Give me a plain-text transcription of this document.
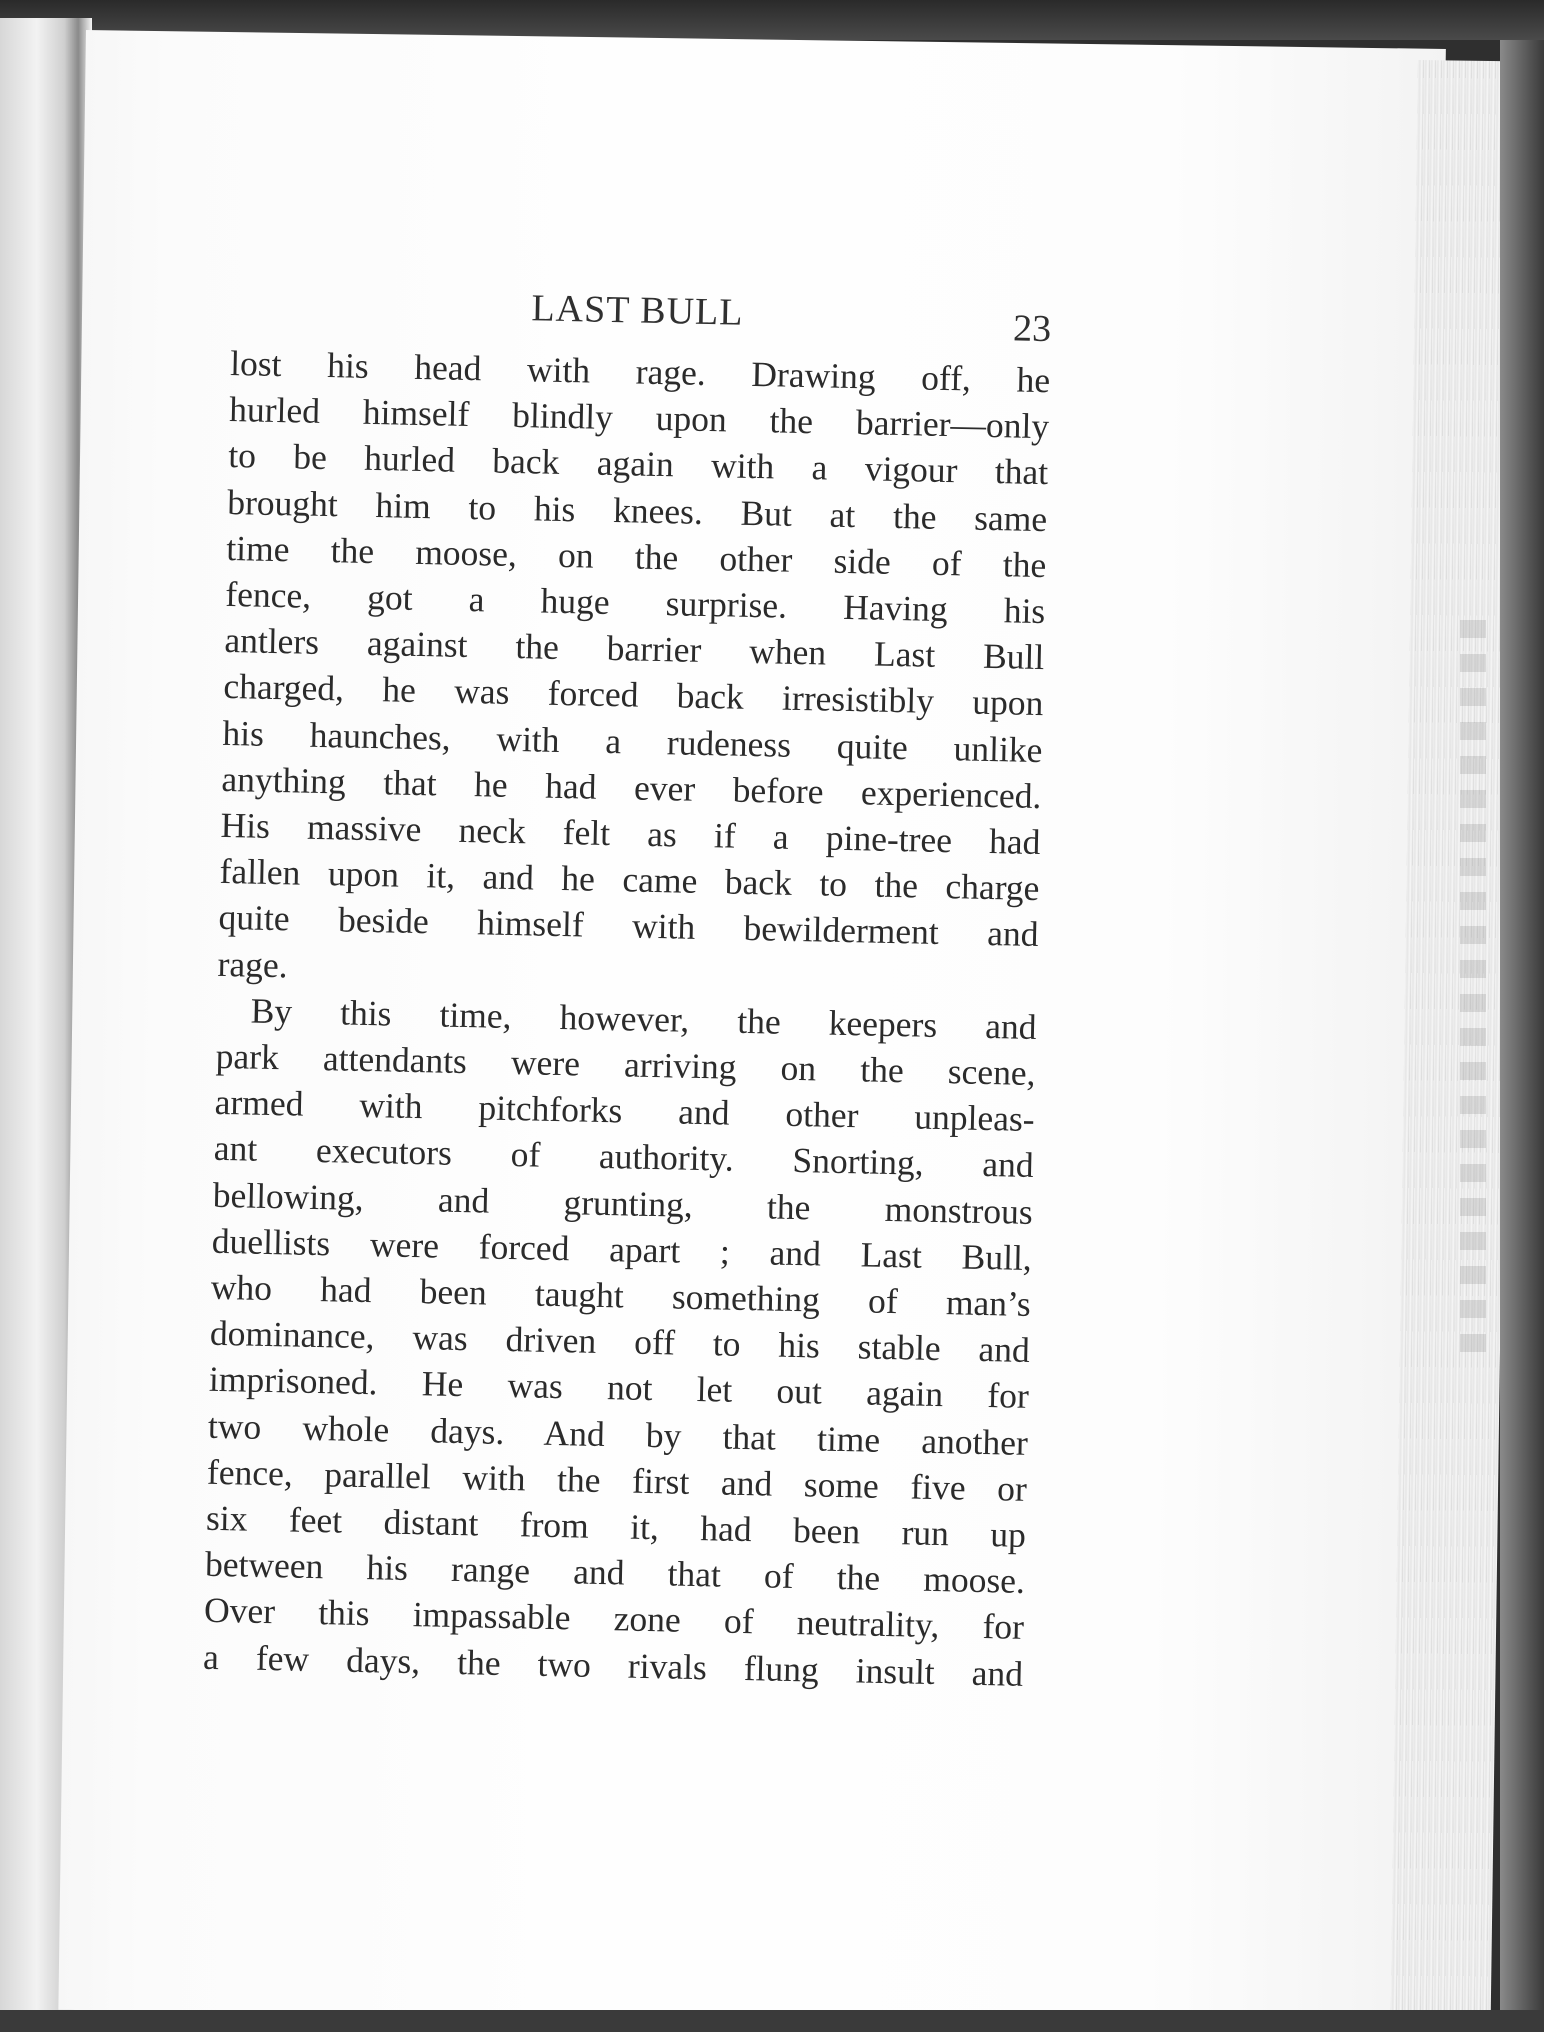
LAST BULL	23

lost his head with rage. Drawing off, he
hurled himself blindly upon the barrier—only
to be hurled back again with a vigour that
brought him to his knees. But at the same
time the moose, on the other side of the
fence, got a huge surprise. Having his
antlers against the barrier when Last Bull
charged, he was forced back irresistibly upon
his haunches, with a rudeness quite unlike
anything that he had ever before experienced.
His massive neck felt as if a pine-tree had
fallen upon it, and he came back to the charge
quite beside himself with bewilderment and
rage.

By this time, however, the keepers and
park attendants were arriving on the scene,
armed with pitchforks and other unpleas-
ant executors of authority. Snorting, and
bellowing, and grunting, the monstrous
duellists were forced apart ; and Last Bull,
who had been taught something of man’s
dominance, was driven off to his stable and
imprisoned. He was not let out again for
two whole days. And by that time another
fence, parallel with the first and some five or
six feet distant from it, had been run up
between his range and that of the moose.
Over this impassable zone of neutrality, for
a few days, the two rivals flung insult and
